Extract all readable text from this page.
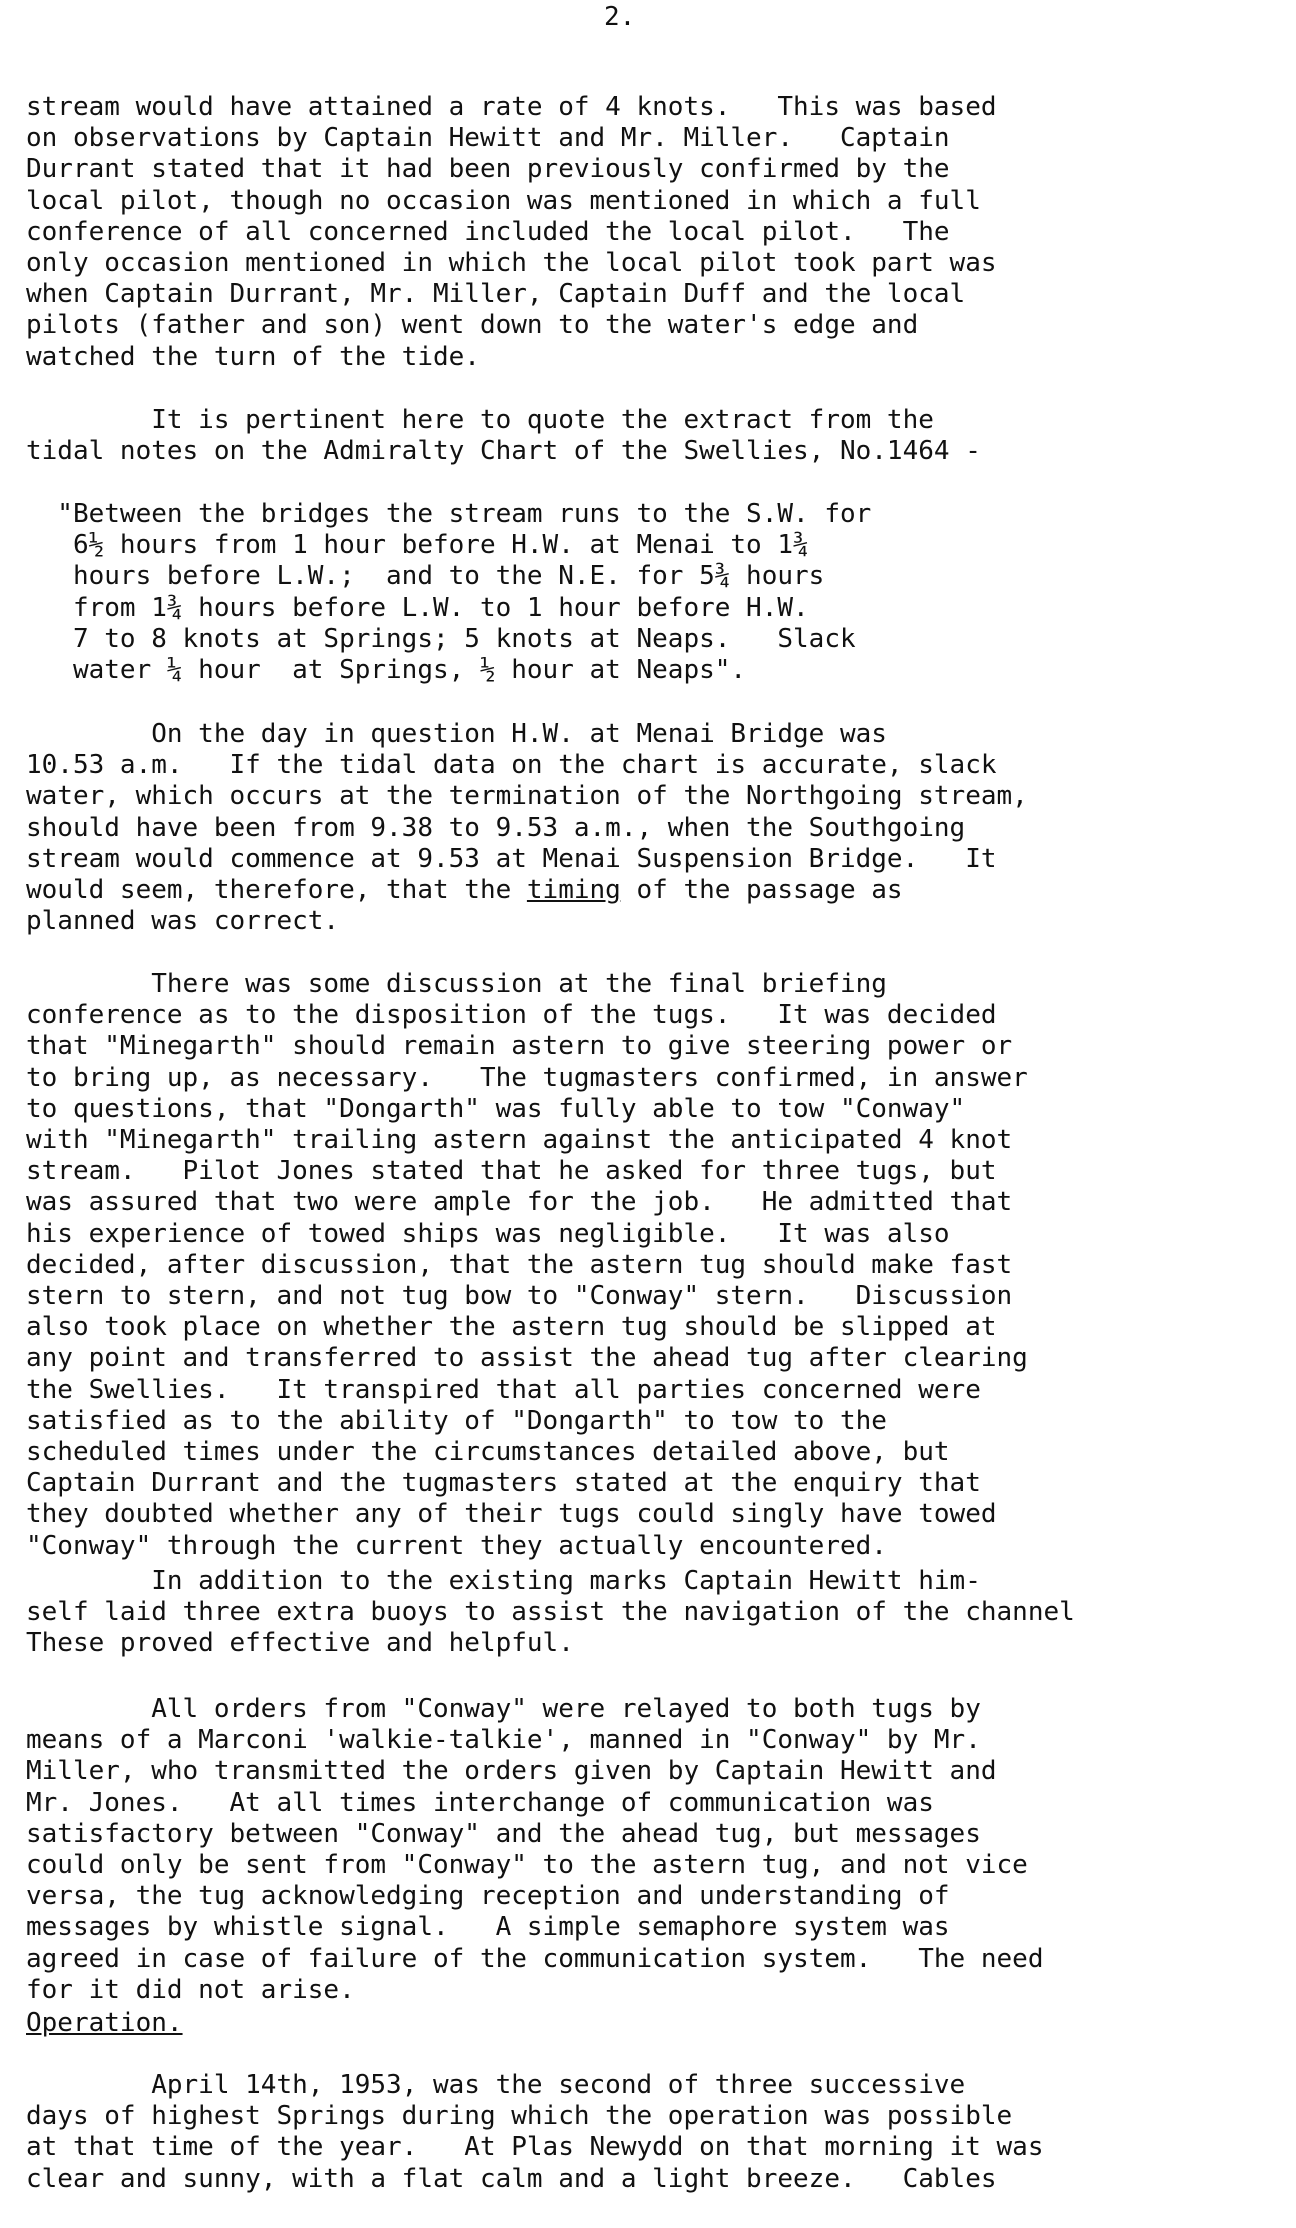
2.

stream would have attained a rate of 4 knots.   This was based
on observations by Captain Hewitt and Mr. Miller.   Captain
Durrant stated that it had been previously confirmed by the
local pilot, though no occasion was mentioned in which a full
conference of all concerned included the local pilot.   The
only occasion mentioned in which the local pilot took part was
when Captain Durrant, Mr. Miller, Captain Duff and the local
pilots (father and son) went down to the water's edge and
watched the turn of the tide.

It is pertinent here to quote the extract from the
tidal notes on the Admiralty Chart of the Swellies, No.1464 -

"Between the bridges the stream runs to the S.W. for
6½ hours from 1 hour before H.W. at Menai to 1¾
hours before L.W.;  and to the N.E. for 5¾ hours
from 1¾ hours before L.W. to 1 hour before H.W.
7 to 8 knots at Springs; 5 knots at Neaps.   Slack
water ¼ hour  at Springs, ½ hour at Neaps".

On the day in question H.W. at Menai Bridge was
10.53 a.m.   If the tidal data on the chart is accurate, slack
water, which occurs at the termination of the Northgoing stream,
should have been from 9.38 to 9.53 a.m., when the Southgoing
stream would commence at 9.53 at Menai Suspension Bridge.   It
would seem, therefore, that the timing of the passage as
planned was correct.

There was some discussion at the final briefing
conference as to the disposition of the tugs.   It was decided
that "Minegarth" should remain astern to give steering power or
to bring up, as necessary.   The tugmasters confirmed, in answer
to questions, that "Dongarth" was fully able to tow "Conway"
with "Minegarth" trailing astern against the anticipated 4 knot
stream.   Pilot Jones stated that he asked for three tugs, but
was assured that two were ample for the job.   He admitted that
his experience of towed ships was negligible.   It was also
decided, after discussion, that the astern tug should make fast
stern to stern, and not tug bow to "Conway" stern.   Discussion
also took place on whether the astern tug should be slipped at
any point and transferred to assist the ahead tug after clearing
the Swellies.   It transpired that all parties concerned were
satisfied as to the ability of "Dongarth" to tow to the
scheduled times under the circumstances detailed above, but
Captain Durrant and the tugmasters stated at the enquiry that
they doubted whether any of their tugs could singly have towed
"Conway" through the current they actually encountered.

In addition to the existing marks Captain Hewitt him-
self laid three extra buoys to assist the navigation of the channel
These proved effective and helpful.

All orders from "Conway" were relayed to both tugs by
means of a Marconi 'walkie-talkie', manned in "Conway" by Mr.
Miller, who transmitted the orders given by Captain Hewitt and
Mr. Jones.   At all times interchange of communication was
satisfactory between "Conway" and the ahead tug, but messages
could only be sent from "Conway" to the astern tug, and not vice
versa, the tug acknowledging reception and understanding of
messages by whistle signal.   A simple semaphore system was
agreed in case of failure of the communication system.   The need
for it did not arise.

Operation.

April 14th, 1953, was the second of three successive
days of highest Springs during which the operation was possible
at that time of the year.   At Plas Newydd on that morning it was
clear and sunny, with a flat calm and a light breeze.   Cables
